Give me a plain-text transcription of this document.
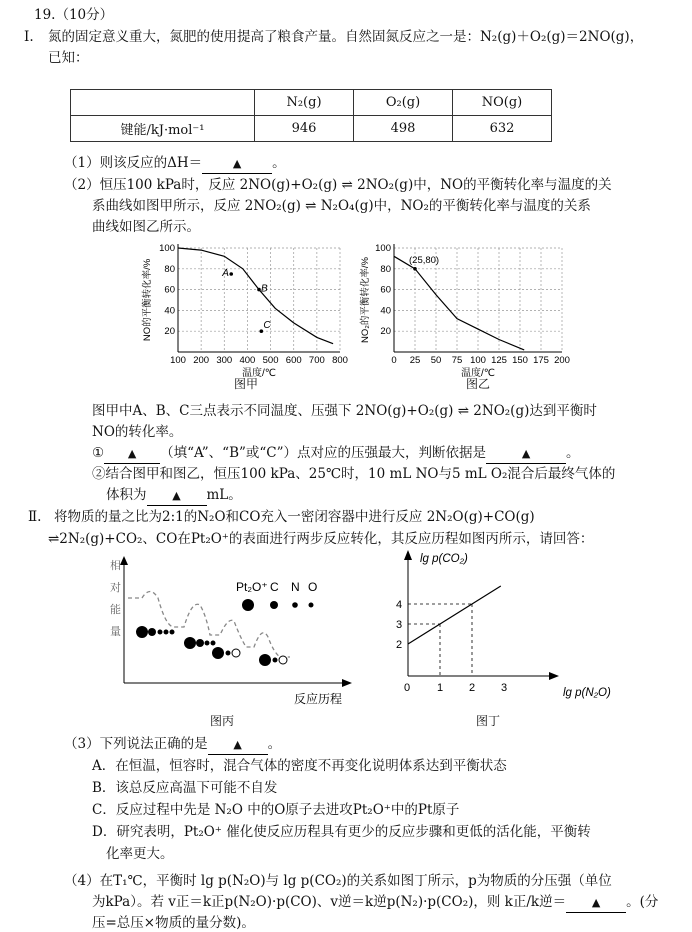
19.（10分）
Ⅰ. 氮的固定意义重大，氮肥的使用提高了粮食产量。自然固氮反应之一是：N₂(g)＋O₂(g)＝2NO(g)，
已知：
	N₂(g)	O₂(g)	NO(g)
键能/kJ·mol⁻¹	946	498	632
（1）则该反应的ΔH＝	▲ 。
（2）恒压100 kPa时，反应 2NO(g)+O₂(g) ⇌ 2NO₂(g)中，NO的平衡转化率与温度的关
系曲线如图甲所示，反应 2NO₂(g) ⇌ N₂O₄(g)中，NO₂的平衡转化率与温度的关系
曲线如图乙所示。
100 200 300 400 500 600 700 800
20
40
60
80
100
温度/℃
NO的平衡转化率/%	A
B
C
图甲
0 25 50 75 100 125 150 175 200
20
40
60
80
100
温度/℃
NO₂的平衡转化率/%	(25,80)
图乙
图甲中A、B、C三点表示不同温度、压强下 2NO(g)+O₂(g) ⇌ 2NO₂(g)达到平衡时
NO的转化率。
① ▲ （填“A”、“B”或“C”）点对应的压强最大，判断依据是	▲	。
②结合图甲和图乙，恒压100 kPa、25℃时，10 mL NO与5 mL O₂混合后最终气体的
体积为 ▲ mL。
Ⅱ. 将物质的量之比为2:1的N₂O和CO充入一密闭容器中进行反应 2N₂O(g)+CO(g)
⇌2N₂(g)+CO₂、CO在Pt₂O⁺的表面进行两步反应转化，其反应历程如图丙所示，请回答：
相
对
能
量
Pt₂O⁺ C N O
反应历程
图丙
lg p(CO₂)
lg p(N₂O)
0 1 2 3
2
3
4
图丁
（3）下列说法正确的是 ▲ 。
A．在恒温，恒容时，混合气体的密度不再变化说明体系达到平衡状态
B．该总反应高温下可能不自发
C．反应过程中先是 N₂O 中的O原子去进攻Pt₂O⁺中的Pt原子
D．研究表明，Pt₂O⁺ 催化使反应历程具有更少的反应步骤和更低的活化能，平衡转
化率更大。
（4）在T₁℃，平衡时 lg p(N₂O)与 lg p(CO₂)的关系如图丁所示，p为物质的分压强（单位
为kPa）。若 v正＝k正p(N₂O)·p(CO)、v逆＝k逆p(N₂)·p(CO₂)，则 k正/k逆＝ ▲ 。(分
压=总压×物质的量分数)。
